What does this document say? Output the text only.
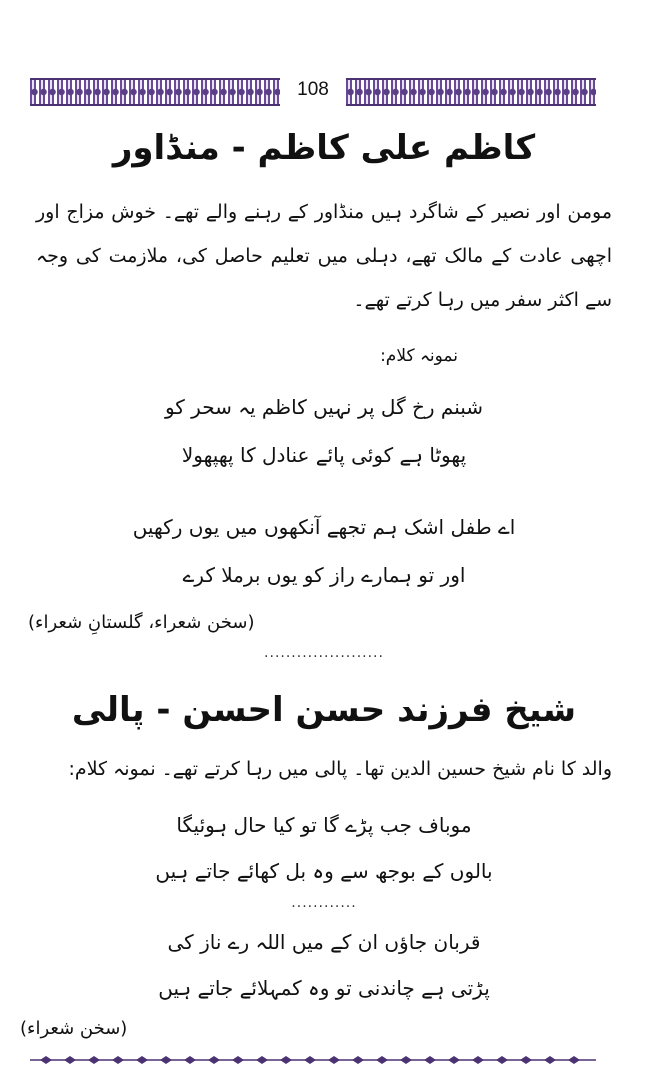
108
کاظم علی کاظم - منڈاور
مومن اور نصیر کے شاگرد ہیں منڈاور کے رہنے والے تھے۔ خوش مزاج اور اچھی عادت کے مالک تھے، دہلی میں تعلیم حاصل کی، ملازمت کی وجہ سے اکثر سفر میں رہا کرتے تھے۔
نمونہ کلام:
شبنم رخ گل پر نہیں کاظم یہ سحر کو
پھوٹا ہے کوئی پائے عنادل کا پھپھولا
اے طفل اشک ہم تجھے آنکھوں میں یوں رکھیں
اور تو ہمارے راز کو یوں برملا کرے
(سخن شعراء، گلستانِ شعراء)
......................
شیخ فرزند حسن احسن - پالی
والد کا نام شیخ حسین الدین تھا۔ پالی میں رہا کرتے تھے۔ نمونہ کلام:
موباف جب پڑے گا تو کیا حال ہوئیگا
بالوں کے بوجھ سے وہ بل کھائے جاتے ہیں
............
قربان جاؤں ان کے میں اللہ رے ناز کی
پڑتی ہے چاندنی تو وہ کمہلائے جاتے ہیں
(سخن شعراء)
